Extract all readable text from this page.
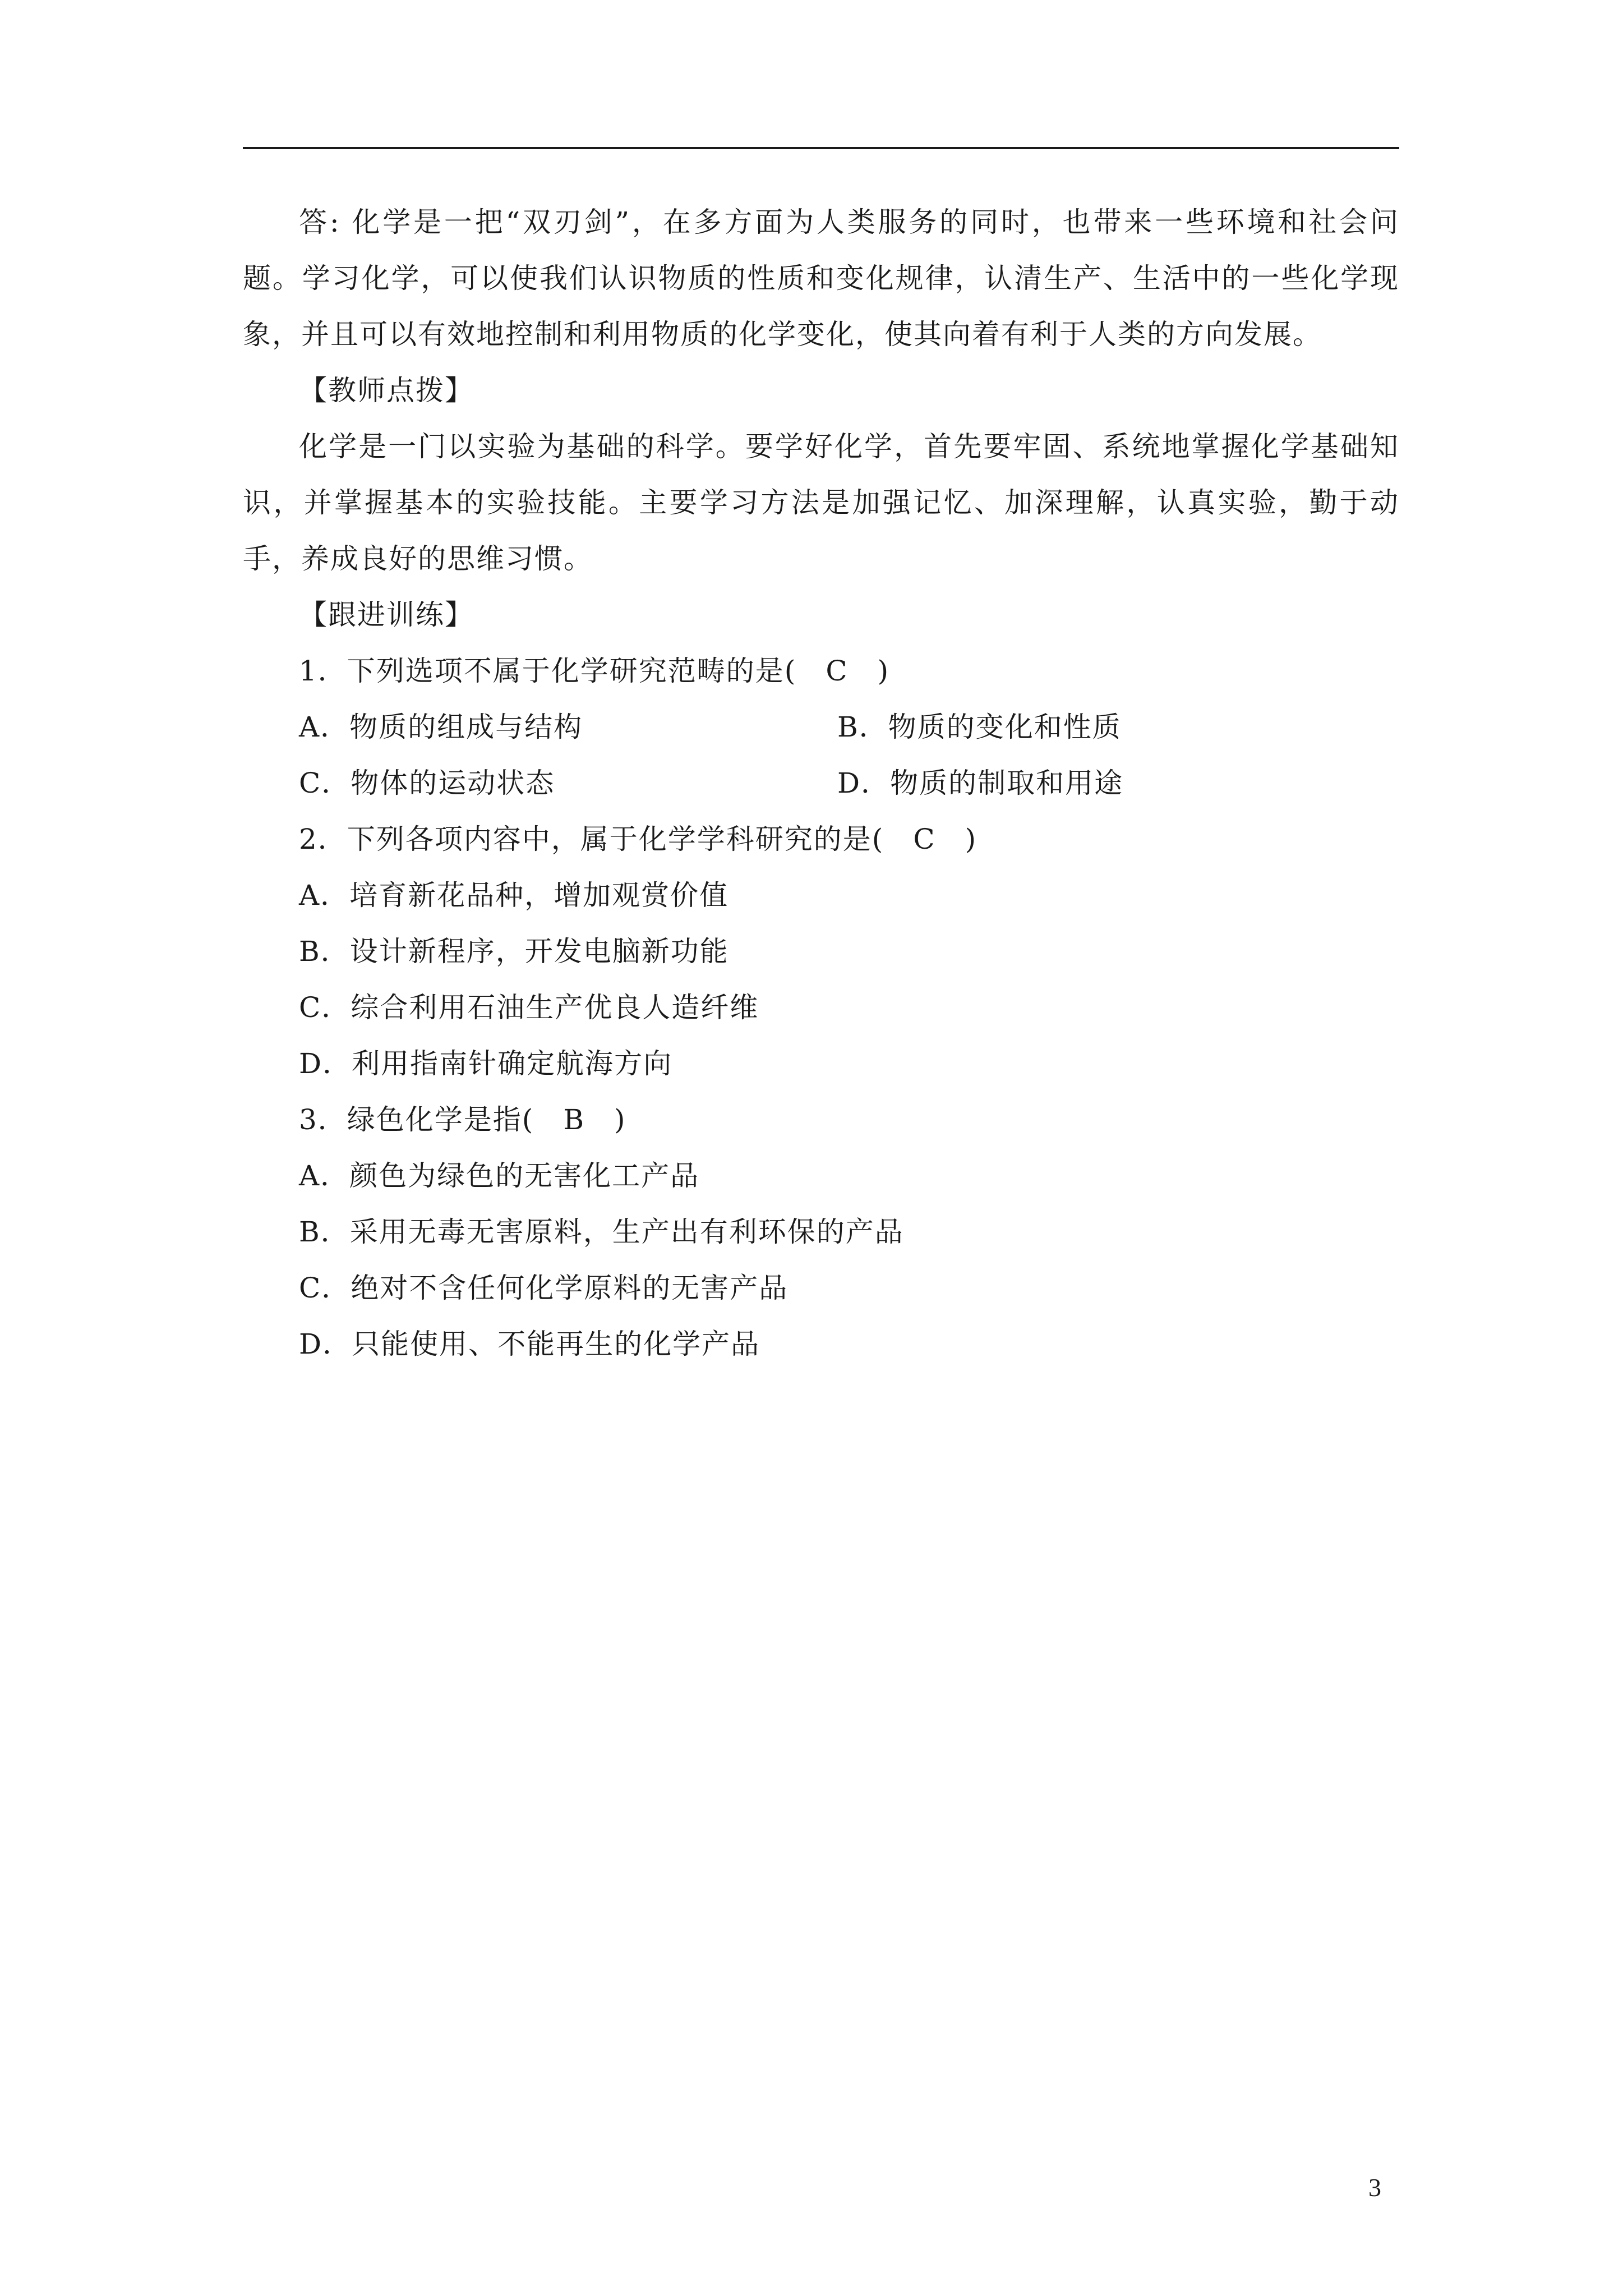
答: 化学是一把“双刃剑”，在多方面为人类服务的同时，也带来一些环境和社会问题。学习化学，可以使我们认识物质的性质和变化规律，认清生产、生活中的一些化学现象，并且可以有效地控制和利用物质的化学变化，使其向着有利于人类的方向发展。

【教师点拨】

化学是一门以实验为基础的科学。要学好化学，首先要牢固、系统地掌握化学基础知识，并掌握基本的实验技能。主要学习方法是加强记忆、加深理解，认真实验，勤于动手，养成良好的思维习惯。

【跟进训练】
1．下列选项不属于化学研究范畴的是(　C　)
A．物质的组成与结构	B．物质的变化和性质
C．物体的运动状态	D．物质的制取和用途
2．下列各项内容中，属于化学学科研究的是(　C　)
A．培育新花品种，增加观赏价值
B．设计新程序，开发电脑新功能
C．综合利用石油生产优良人造纤维
D．利用指南针确定航海方向
3．绿色化学是指(　B　)
A．颜色为绿色的无害化工产品
B．采用无毒无害原料，生产出有利环保的产品
C．绝对不含任何化学原料的无害产品
D．只能使用、不能再生的化学产品
3
